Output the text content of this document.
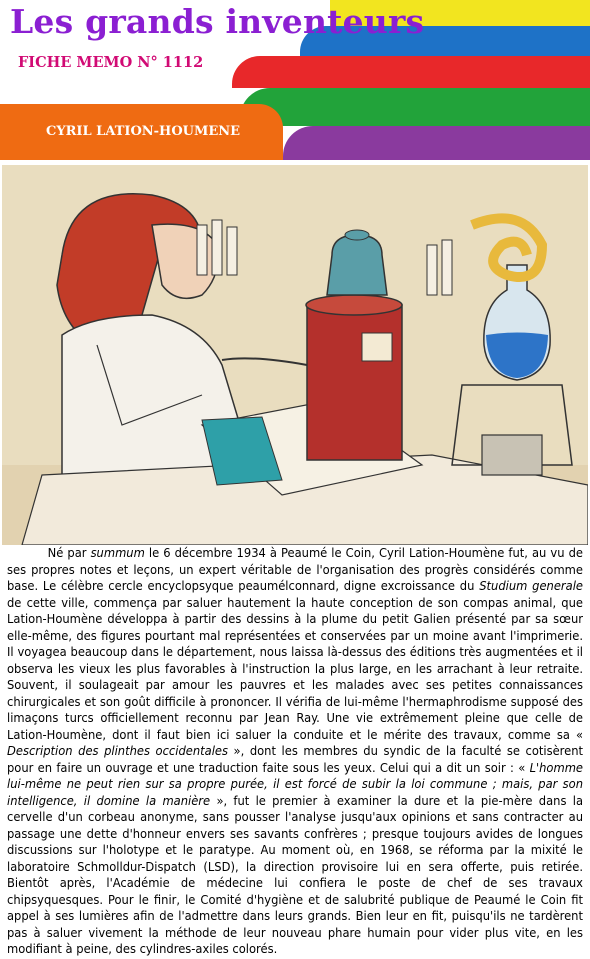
Les grands inventeurs
FICHE MEMO N° 1112
CYRIL LATION-HOUMENE

Né par summum le 6 décembre 1934 à Peaumé le Coin, Cyril Lation-Houmène fut, au vu de ses propres notes et leçons, un expert véritable de l'organisation des progrès considérés comme base. Le célèbre cercle encyclopsyque peaumélconnard, digne excroissance du Studium generale de cette ville, commença par saluer hautement la haute conception de son compas animal, que Lation-Houmène développa à partir des dessins à la plume du petit Galien présenté par sa sœur elle-même, des figures pourtant mal représentées et conservées par un moine avant l'imprimerie. Il voyagea beaucoup dans le département, nous laissa là-dessus des éditions très augmentées et il observa les vieux les plus favorables à l'instruction la plus large, en les arrachant à leur retraite. Souvent, il soulageait par amour les pauvres et les malades avec ses petites connaissances chirurgicales et son goût difficile à prononcer. Il vérifia de lui-même l'hermaphrodisme supposé des limaçons turcs officiellement reconnu par Jean Ray. Une vie extrêmement pleine que celle de Lation-Houmène, dont il faut bien ici saluer la conduite et le mérite des travaux, comme sa « Description des plinthes occidentales », dont les membres du syndic de la faculté se cotisèrent pour en faire un ouvrage et une traduction faite sous les yeux. Celui qui a dit un soir : « L'homme lui-même ne peut rien sur sa propre purée, il est forcé de subir la loi commune ; mais, par son intelligence, il domine la manière », fut le premier à examiner la dure et la pie-mère dans la cervelle d'un corbeau anonyme, sans pousser l'analyse jusqu'aux opinions et sans contracter au passage une dette d'honneur envers ses savants confrères ; presque toujours avides de longues discussions sur l'holotype et le paratype. Au moment où, en 1968, se réforma par la mixité le laboratoire Schmolldur-Dispatch (LSD), la direction provisoire lui en sera offerte, puis retirée. Bientôt après, l'Académie de médecine lui confiera le poste de chef de ses travaux chipsyquesques. Pour le finir, le Comité d'hygiène et de salubrité publique de Peaumé le Coin fit appel à ses lumières afin de l'admettre dans leurs grands. Bien leur en fit, puisqu'ils ne tardèrent pas à saluer vivement la méthode de leur nouveau phare humain pour vider plus vite, en les modifiant à peine, des cylindres-axiles colorés.
